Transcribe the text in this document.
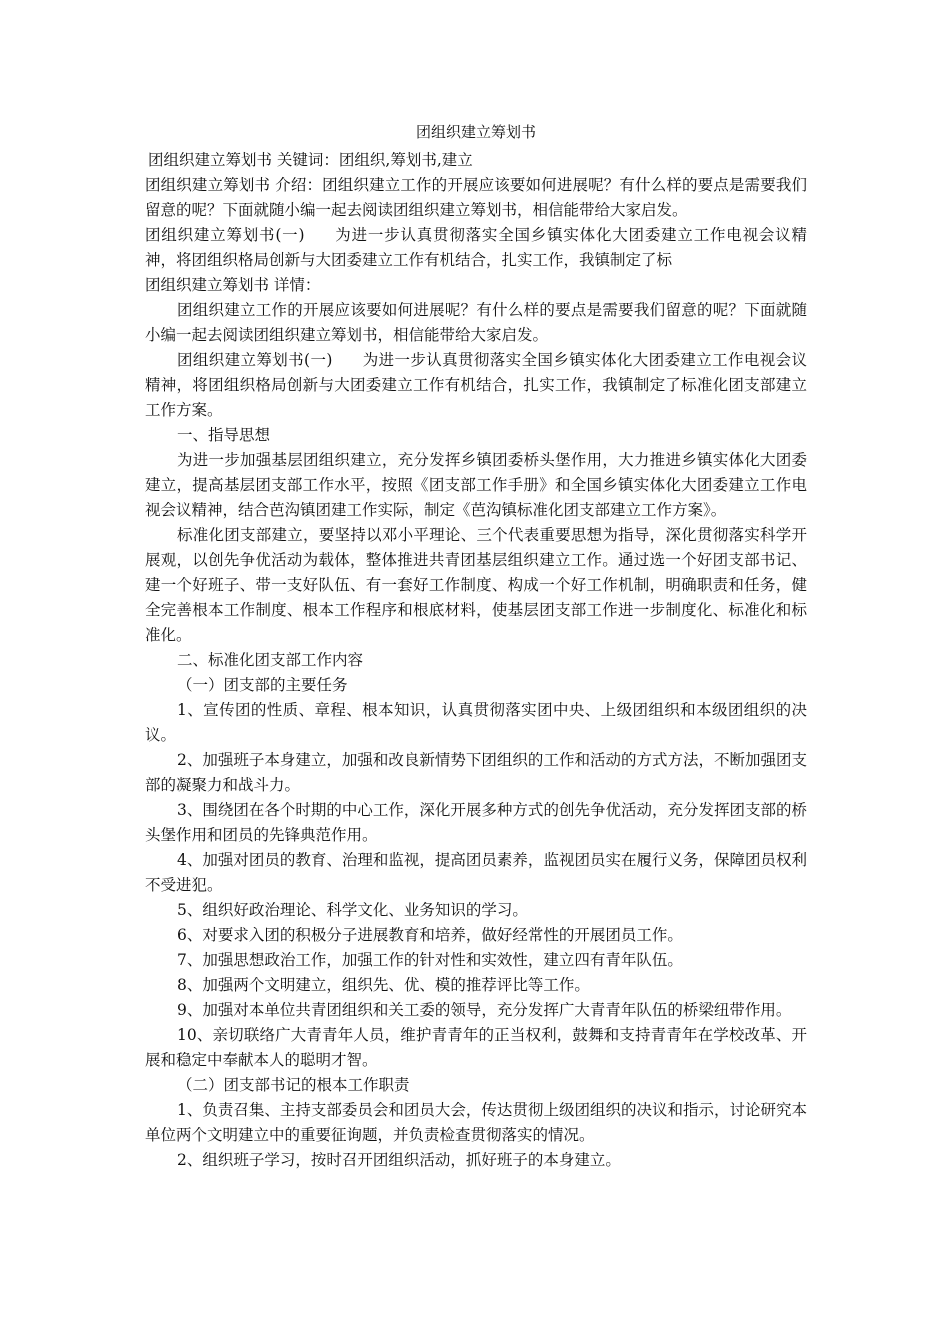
团组织建立筹划书

团组织建立筹划书 关键词：团组织,筹划书,建立

团组织建立筹划书 介绍：团组织建立工作的开展应该要如何进展呢？有什么样的要点是需要我们留意的呢？下面就随小编一起去阅读团组织建立筹划书，相信能带给大家启发。

团组织建立筹划书(一) 为进一步认真贯彻落实全国乡镇实体化大团委建立工作电视会议精神，将团组织格局创新与大团委建立工作有机结合，扎实工作，我镇制定了标

团组织建立筹划书 详情：

团组织建立工作的开展应该要如何进展呢？有什么样的要点是需要我们留意的呢？下面就随小编一起去阅读团组织建立筹划书，相信能带给大家启发。

团组织建立筹划书(一) 为进一步认真贯彻落实全国乡镇实体化大团委建立工作电视会议精神，将团组织格局创新与大团委建立工作有机结合，扎实工作，我镇制定了标准化团支部建立工作方案。

一、指导思想

为进一步加强基层团组织建立，充分发挥乡镇团委桥头堡作用，大力推进乡镇实体化大团委建立，提高基层团支部工作水平，按照《团支部工作手册》和全国乡镇实体化大团委建立工作电视会议精神，结合芭沟镇团建工作实际，制定《芭沟镇标准化团支部建立工作方案》。

标准化团支部建立，要坚持以邓小平理论、三个代表重要思想为指导，深化贯彻落实科学开展观，以创先争优活动为载体，整体推进共青团基层组织建立工作。通过选一个好团支部书记、建一个好班子、带一支好队伍、有一套好工作制度、构成一个好工作机制，明确职责和任务，健全完善根本工作制度、根本工作程序和根底材料，使基层团支部工作进一步制度化、标准化和标准化。

二、标准化团支部工作内容

（一）团支部的主要任务

1、宣传团的性质、章程、根本知识，认真贯彻落实团中央、上级团组织和本级团组织的决议。

2、加强班子本身建立，加强和改良新情势下团组织的工作和活动的方式方法，不断加强团支部的凝聚力和战斗力。

3、围绕团在各个时期的中心工作，深化开展多种方式的创先争优活动，充分发挥团支部的桥头堡作用和团员的先锋典范作用。

4、加强对团员的教育、治理和监视，提高团员素养，监视团员实在履行义务，保障团员权利不受进犯。

5、组织好政治理论、科学文化、业务知识的学习。

6、对要求入团的积极分子进展教育和培养，做好经常性的开展团员工作。

7、加强思想政治工作，加强工作的针对性和实效性，建立四有青年队伍。

8、加强两个文明建立，组织先、优、模的推荐评比等工作。

9、加强对本单位共青团组织和关工委的领导，充分发挥广大青青年队伍的桥梁纽带作用。

10、亲切联络广大青青年人员，维护青青年的正当权利，鼓舞和支持青青年在学校改革、开展和稳定中奉献本人的聪明才智。

（二）团支部书记的根本工作职责

1、负责召集、主持支部委员会和团员大会，传达贯彻上级团组织的决议和指示，讨论研究本单位两个文明建立中的重要征询题，并负责检查贯彻落实的情况。

2、组织班子学习，按时召开团组织活动，抓好班子的本身建立。
